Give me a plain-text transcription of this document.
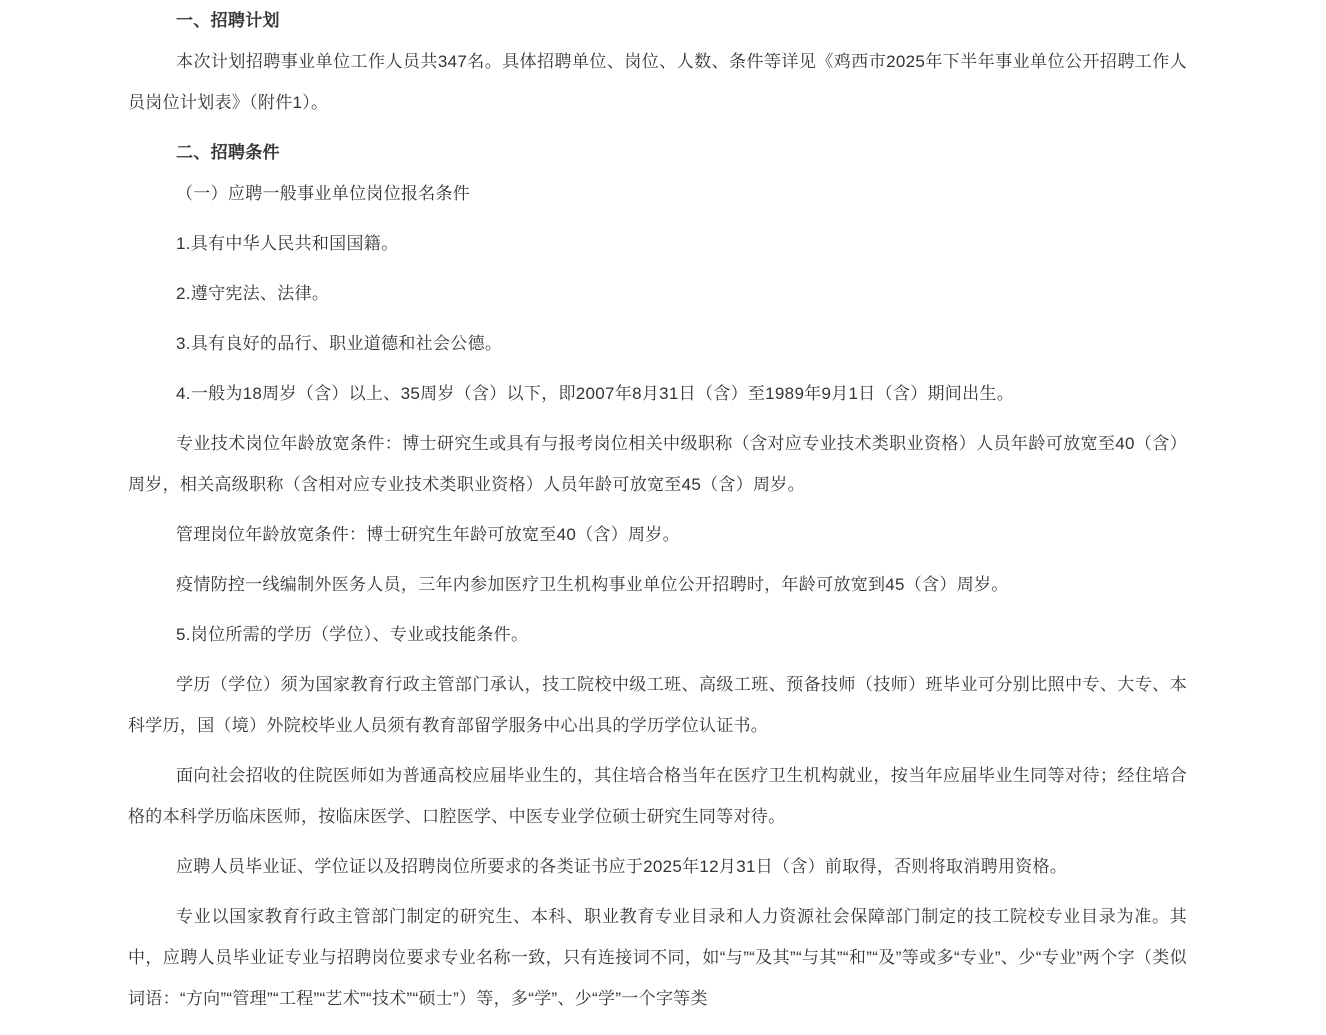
一、招聘计划

本次计划招聘事业单位工作人员共347名。具体招聘单位、岗位、人数、条件等详见《鸡西市2025年下半年事业单位公开招聘工作人员岗位计划表》（附件1）。

二、招聘条件

（一）应聘一般事业单位岗位报名条件

1.具有中华人民共和国国籍。

2.遵守宪法、法律。

3.具有良好的品行、职业道德和社会公德。

4.一般为18周岁（含）以上、35周岁（含）以下，即2007年8月31日（含）至1989年9月1日（含）期间出生。

专业技术岗位年龄放宽条件：博士研究生或具有与报考岗位相关中级职称（含对应专业技术类职业资格）人员年龄可放宽至40（含）周岁，相关高级职称（含相对应专业技术类职业资格）人员年龄可放宽至45（含）周岁。

管理岗位年龄放宽条件：博士研究生年龄可放宽至40（含）周岁。

疫情防控一线编制外医务人员，三年内参加医疗卫生机构事业单位公开招聘时，年龄可放宽到45（含）周岁。

5.岗位所需的学历（学位）、专业或技能条件。

学历（学位）须为国家教育行政主管部门承认，技工院校中级工班、高级工班、预备技师（技师）班毕业可分别比照中专、大专、本科学历，国（境）外院校毕业人员须有教育部留学服务中心出具的学历学位认证书。

面向社会招收的住院医师如为普通高校应届毕业生的，其住培合格当年在医疗卫生机构就业，按当年应届毕业生同等对待；经住培合格的本科学历临床医师，按临床医学、口腔医学、中医专业学位硕士研究生同等对待。

应聘人员毕业证、学位证以及招聘岗位所要求的各类证书应于2025年12月31日（含）前取得，否则将取消聘用资格。

专业以国家教育行政主管部门制定的研究生、本科、职业教育专业目录和人力资源社会保障部门制定的技工院校专业目录为准。其中，应聘人员毕业证专业与招聘岗位要求专业名称一致，只有连接词不同，如“与”“及其”“与其”“和”“及”等或多“专业”、少“专业”两个字（类似词语：“方向”“管理”“工程”“艺术”“技术”“硕士”）等，多“学”、少“学”一个字等类
